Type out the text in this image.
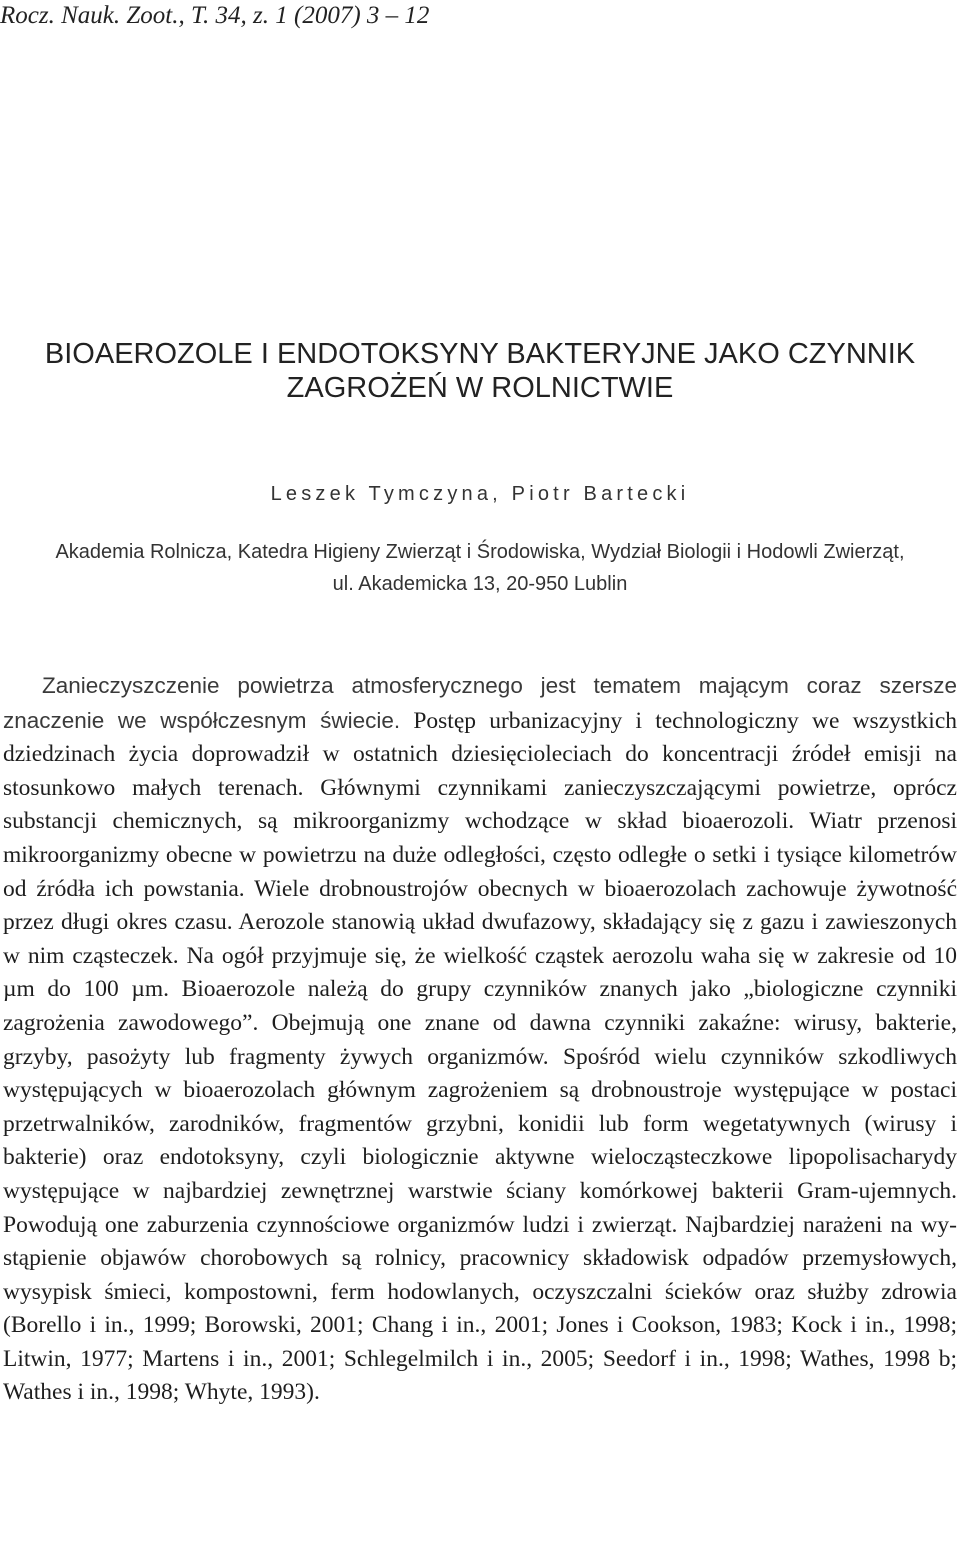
Rocz. Nauk. Zoot., T. 34, z. 1 (2007) 3 – 12
BIOAEROZOLE I ENDOTOKSYNY BAKTERYJNE JAKO CZYNNIK
ZAGROŻEŃ W ROLNICTWIE
Leszek Tymczyna, Piotr Bartecki
Akademia Rolnicza, Katedra Higieny Zwierząt i Środowiska, Wydział Biologii i Hodowli Zwierząt,
ul. Akademicka 13, 20-950 Lublin

Zanieczyszczenie powietrza atmosferycznego jest tematem mającym coraz szersze znaczenie we współczesnym świecie. Postęp urbanizacyjny i technologiczny we wszystkich dziedzinach życia doprowadził w ostatnich dziesięcioleciach do koncentracji źródeł emisji na stosunkowo małych terenach. Głównymi czynnikami zanieczyszczającymi powietrze, oprócz substancji chemicznych, są mikroorganizmy wchodzące w skład bioaerozoli. Wiatr przenosi mikroorganizmy obecne w powietrzu na duże odległości, często odległe o setki i tysiące kilometrów od źródła ich powstania. Wiele drobnoustrojów obecnych w bioaerozolach zachowuje żywotność przez długi okres czasu. Aerozole stanowią układ dwufazowy, składający się z gazu i zawieszonych w nim cząsteczek. Na ogół przyjmuje się, że wielkość cząstek aerozolu waha się w zakresie od 10 µm do 100 µm. Bioaerozole należą do grupy czynników znanych jako „biologiczne czynniki zagrożenia zawodowego”. Obejmują one znane od dawna czynniki zakaźne: wirusy, bakterie, grzyby, pasożyty lub fragmenty żywych organizmów. Spośród wielu czynników szkodliwych występujących w bioaerozolach głównym zagrożeniem są drobnoustroje występujące w postaci przetrwalników, zarodników, fragmentów grzybni, konidii lub form wegetatywnych (wirusy i bakterie) oraz endotoksyny, czyli biologicznie aktywne wielocząsteczkowe lipopolisacharydy występujące w najbardziej zewnętrznej warstwie ściany komórkowej bakterii Gram-ujemnych. Powodują one zaburzenia czynnościowe organizmów ludzi i zwierząt. Najbardziej narażeni na wystąpienie objawów chorobowych są rolnicy, pracownicy składowisk odpadów przemysłowych, wysypisk śmieci, kompostowni, ferm hodowlanych, oczyszczalni ścieków oraz służby zdrowia (Borello i in., 1999; Borowski, 2001; Chang i in., 2001; Jones i Cookson, 1983; Kock i in., 1998; Litwin, 1977; Martens i in., 2001; Schlegelmilch i in., 2005; Seedorf i in., 1998; Wathes, 1998 b; Wathes i in., 1998; Whyte, 1993).
